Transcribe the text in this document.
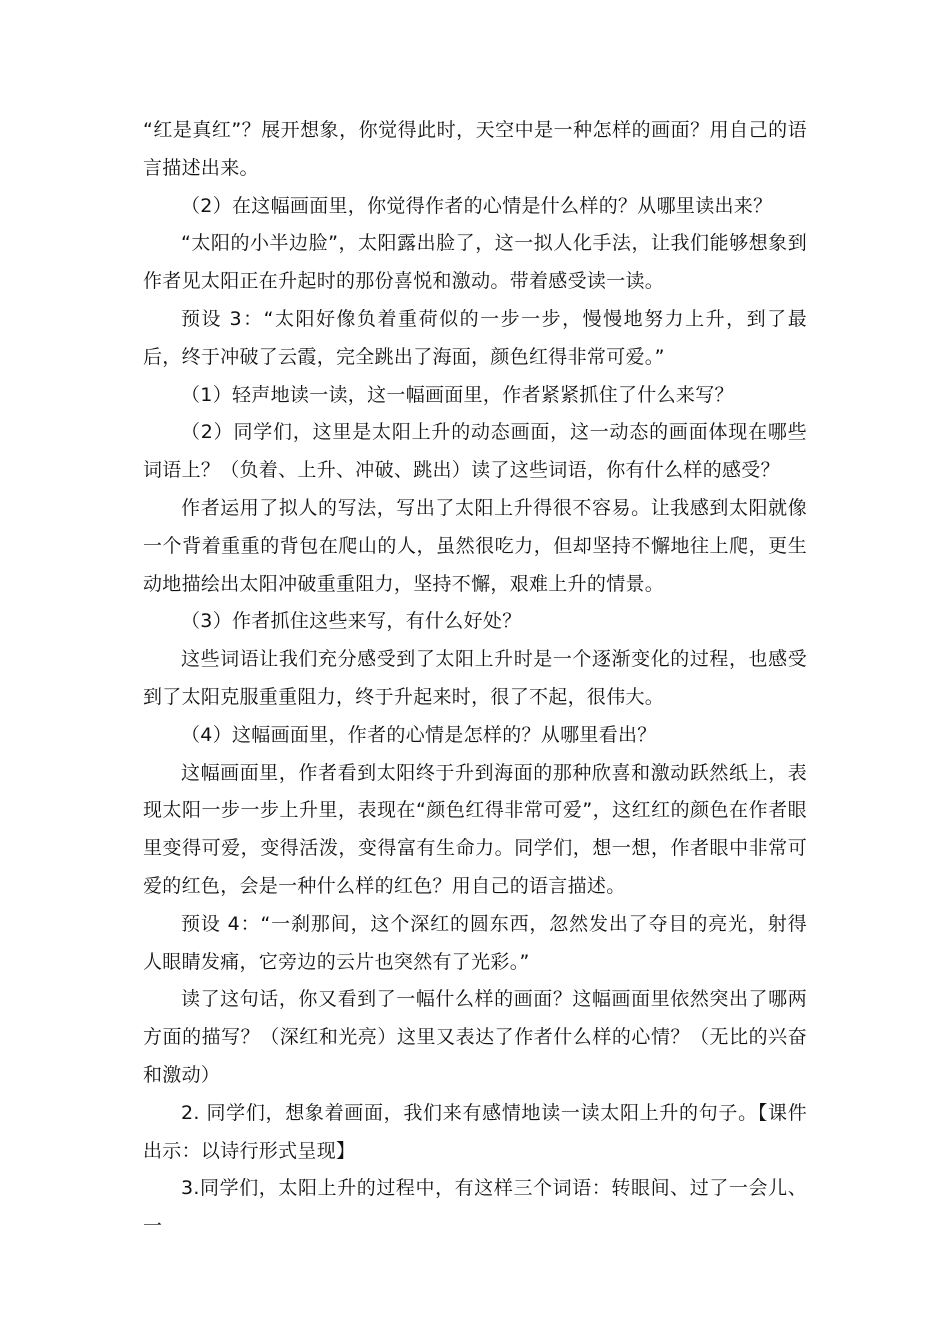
“红是真红”？展开想象，你觉得此时，天空中是一种怎样的画面？用自己的语言描述出来。

（2）在这幅画面里，你觉得作者的心情是什么样的？从哪里读出来？

“太阳的小半边脸”，太阳露出脸了，这一拟人化手法，让我们能够想象到作者见太阳正在升起时的那份喜悦和激动。带着感受读一读。

预设 3：“太阳好像负着重荷似的一步一步，慢慢地努力上升，到了最后，终于冲破了云霞，完全跳出了海面，颜色红得非常可爱。”

（1）轻声地读一读，这一幅画面里，作者紧紧抓住了什么来写？

（2）同学们，这里是太阳上升的动态画面，这一动态的画面体现在哪些词语上？（负着、上升、冲破、跳出）读了这些词语，你有什么样的感受？

作者运用了拟人的写法，写出了太阳上升得很不容易。让我感到太阳就像一个背着重重的背包在爬山的人，虽然很吃力，但却坚持不懈地往上爬，更生动地描绘出太阳冲破重重阻力，坚持不懈，艰难上升的情景。

（3）作者抓住这些来写，有什么好处？

这些词语让我们充分感受到了太阳上升时是一个逐渐变化的过程，也感受到了太阳克服重重阻力，终于升起来时，很了不起，很伟大。

（4）这幅画面里，作者的心情是怎样的？从哪里看出？

这幅画面里，作者看到太阳终于升到海面的那种欣喜和激动跃然纸上，表现太阳一步一步上升里，表现在“颜色红得非常可爱”，这红红的颜色在作者眼里变得可爱，变得活泼，变得富有生命力。同学们，想一想，作者眼中非常可爱的红色，会是一种什么样的红色？用自己的语言描述。

预设 4：“一刹那间，这个深红的圆东西，忽然发出了夺目的亮光，射得人眼睛发痛，它旁边的云片也突然有了光彩。”

读了这句话，你又看到了一幅什么样的画面？这幅画面里依然突出了哪两方面的描写？（深红和光亮）这里又表达了作者什么样的心情？（无比的兴奋和激动）

2. 同学们，想象着画面，我们来有感情地读一读太阳上升的句子。【课件出示：以诗行形式呈现】

3.同学们，太阳上升的过程中，有这样三个词语：转眼间、过了一会儿、一
